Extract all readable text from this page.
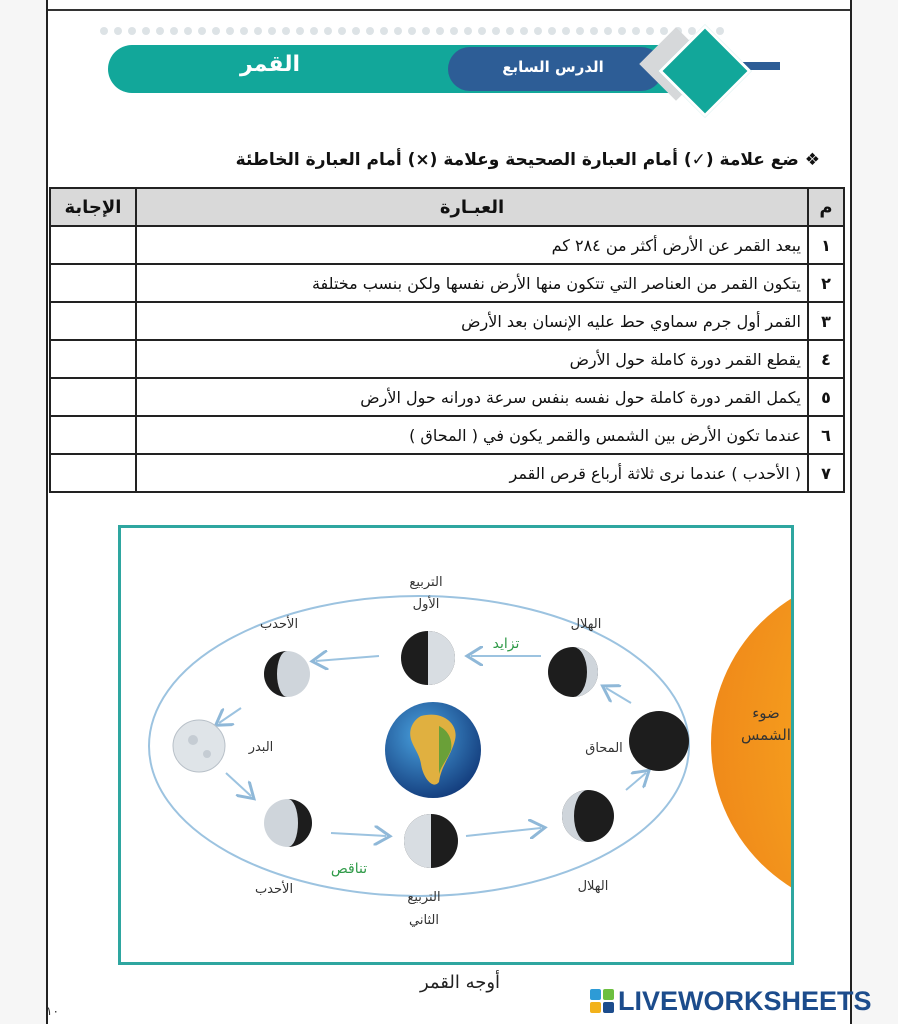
القمر	الدرس السابع
❖ ضع علامة (✓) أمام العبارة الصحيحة وعلامة (×) أمام العبارة الخاطئة
م	العبـارة	الإجابة
١	يبعد القمر عن الأرض أكثر من ٢٨٤ كم	
٢	يتكون القمر من العناصر التي تتكون منها الأرض نفسها ولكن بنسب مختلفة	
٣	القمر أول جرم سماوي حط عليه الإنسان بعد الأرض	
٤	يقطع القمر دورة كاملة حول الأرض	
٥	يكمل القمر دورة كاملة حول نفسه بنفس سرعة دورانه حول الأرض	
٦	عندما تكون الأرض بين الشمس والقمر يكون في ( المحاق )	
٧	( الأحدب ) عندما نرى ثلاثة أرباع قرص القمر	
التربيع
الأول
الأحدب	الهلال
تزايد
البدر	المحاق
ضوء
الشمس
الأحدب
تناقص
التربيع
الثاني
الهلال
أوجه القمر
١٠	LIVEWORKSHEETS
